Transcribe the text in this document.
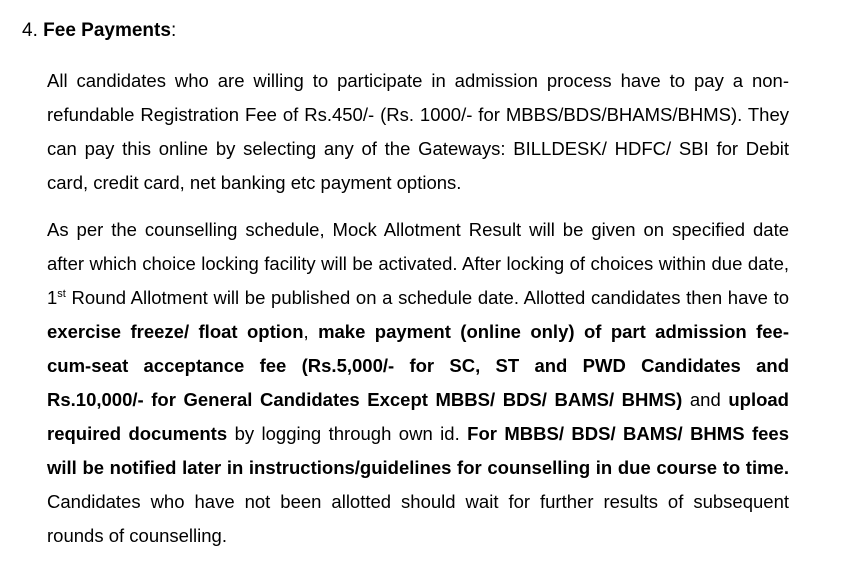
4. Fee Payments:

All candidates who are willing to participate in admission process have to pay a non-refundable Registration Fee of Rs.450/- (Rs. 1000/- for MBBS/BDS/BHAMS/BHMS). They can pay this online by selecting any of the Gateways: BILLDESK/ HDFC/ SBI for Debit card, credit card, net banking etc payment options.

As per the counselling schedule, Mock Allotment Result will be given on specified date after which choice locking facility will be activated. After locking of choices within due date, 1st Round Allotment will be published on a schedule date. Allotted candidates then have to exercise freeze/ float option, make payment (online only) of part admission fee- cum-seat acceptance fee (Rs.5,000/- for SC, ST and PWD Candidates and Rs.10,000/- for General Candidates Except MBBS/ BDS/ BAMS/ BHMS) and upload required documents by logging through own id. For MBBS/ BDS/ BAMS/ BHMS fees will be notified later in instructions/guidelines for counselling in due course to time. Candidates who have not been allotted should wait for further results of subsequent rounds of counselling.
